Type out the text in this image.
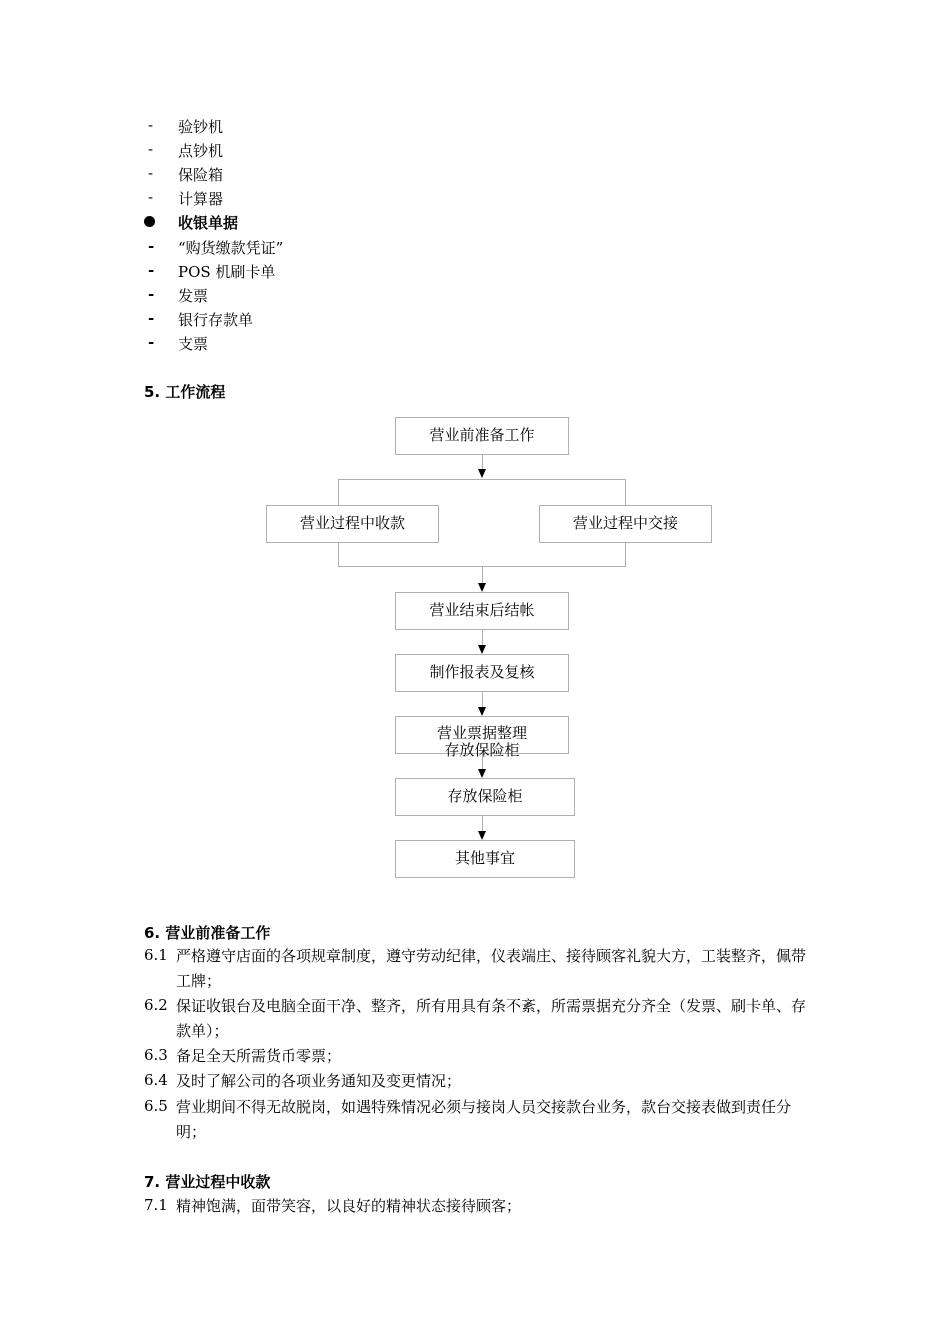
- 验钞机
- 点钞机
- 保险箱
- 计算器
收银单据
- “购货缴款凭证”
- POS 机刷卡单
- 发票
- 银行存款单
- 支票
5. 工作流程
营业前准备工作
营业过程中收款	营业过程中交接
营业结束后结帐
制作报表及复核
营业票据整理
存放保险柜
存放保险柜
其他事宜
6. 营业前准备工作
6.1 严格遵守店面的各项规章制度，遵守劳动纪律，仪表端庄、接待顾客礼貌大方，工装整齐，佩带工牌；
6.2 保证收银台及电脑全面干净、整齐，所有用具有条不紊，所需票据充分齐全（发票、刷卡单、存款单）；
6.3 备足全天所需货币零票；
6.4 及时了解公司的各项业务通知及变更情况；
6.5 营业期间不得无故脱岗，如遇特殊情况必须与接岗人员交接款台业务，款台交接表做到责任分明；
7. 营业过程中收款
7.1 精神饱满，面带笑容，以良好的精神状态接待顾客；
